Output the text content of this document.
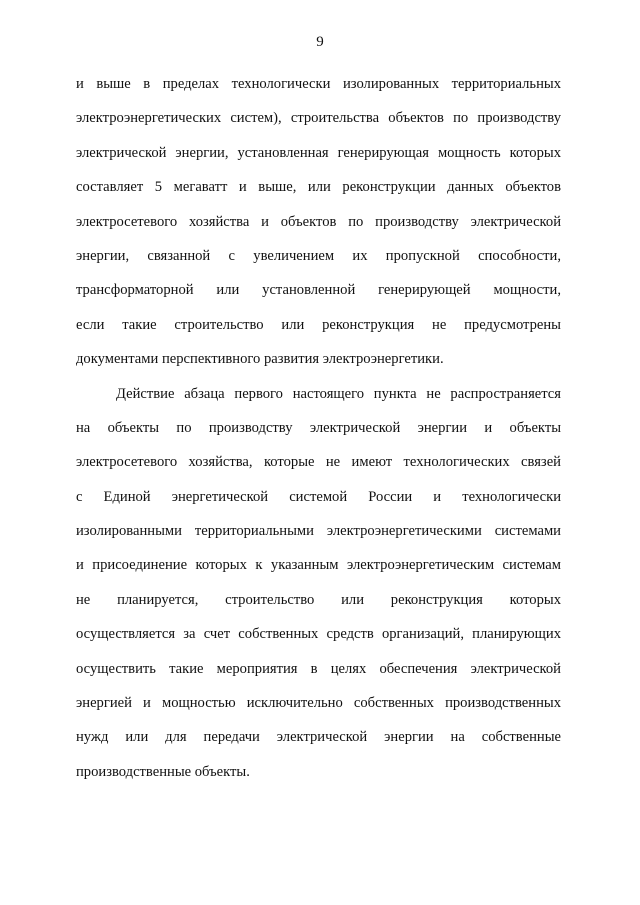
9
и выше в пределах технологически изолированных территориальных
электроэнергетических систем), строительства объектов по производству
электрической энергии, установленная генерирующая мощность которых
составляет 5 мегаватт и выше, или реконструкции данных объектов
электросетевого хозяйства и объектов по производству электрической
энергии, связанной с увеличением их пропускной способности,
трансформаторной или установленной генерирующей мощности,
если такие строительство или реконструкция не предусмотрены
документами перспективного развития электроэнергетики.
Действие абзаца первого настоящего пункта не распространяется
на объекты по производству электрической энергии и объекты
электросетевого хозяйства, которые не имеют технологических связей
с Единой энергетической системой России и технологически
изолированными территориальными электроэнергетическими системами
и присоединение которых к указанным электроэнергетическим системам
не планируется, строительство или реконструкция которых
осуществляется за счет собственных средств организаций, планирующих
осуществить такие мероприятия в целях обеспечения электрической
энергией и мощностью исключительно собственных производственных
нужд или для передачи электрической энергии на собственные
производственные объекты.
